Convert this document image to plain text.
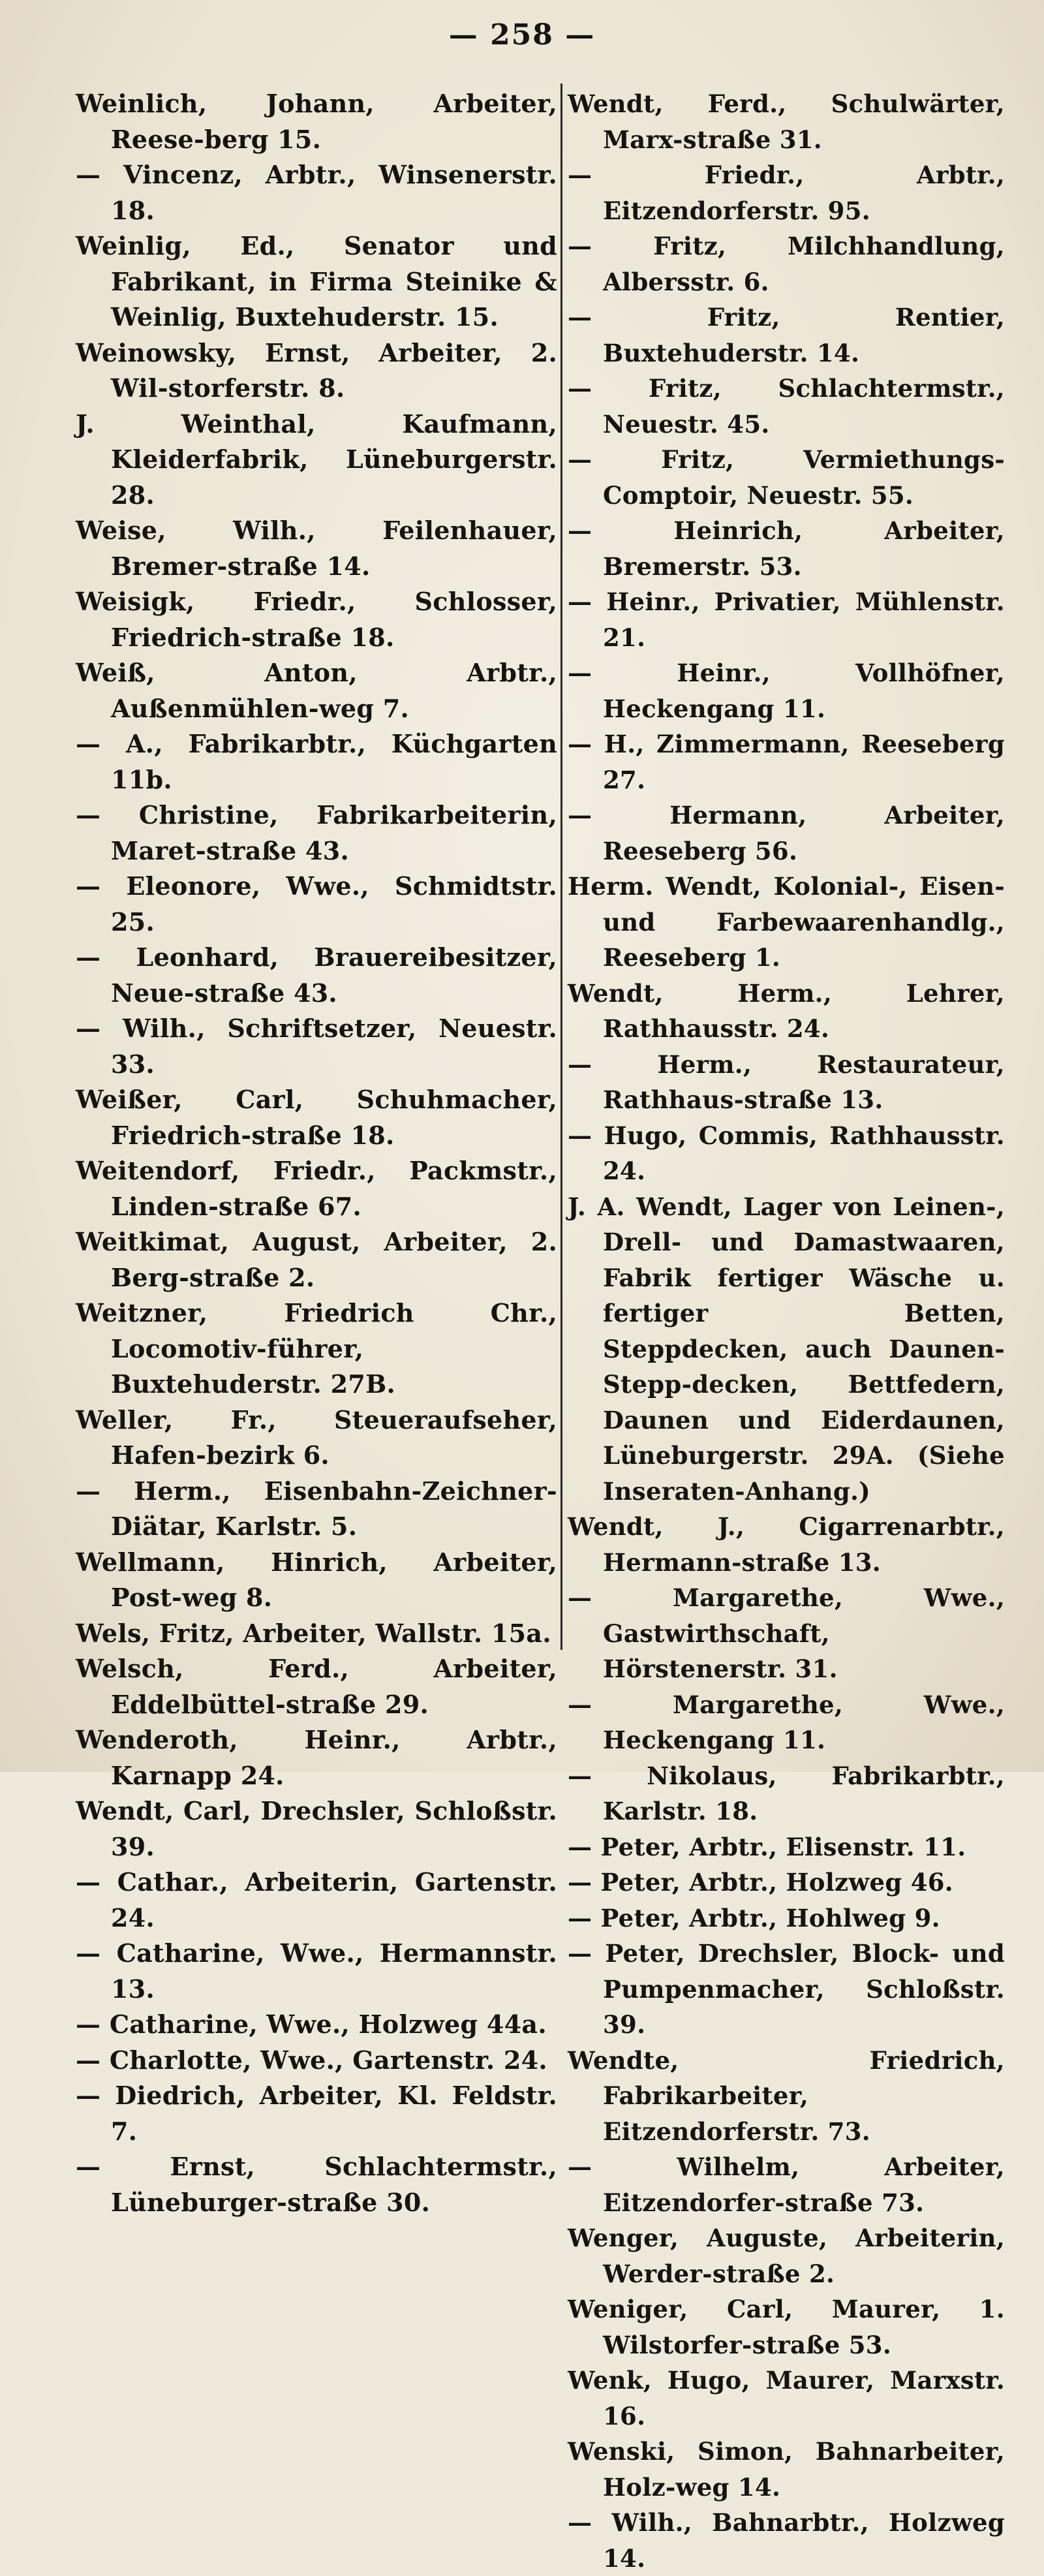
— 258 —
Weinlich, Johann, Arbeiter, Reese-berg 15.
— Vincenz, Arbtr., Winsenerstr. 18.
Weinlig, Ed., Senator und Fabrikant, in Firma Steinike & Weinlig, Buxtehuderstr. 15.
Weinowsky, Ernst, Arbeiter, 2. Wil-storferstr. 8.
J. Weinthal, Kaufmann, Kleiderfabrik, Lüneburgerstr. 28.
Weise, Wilh., Feilenhauer, Bremer-straße 14.
Weisigk, Friedr., Schlosser, Friedrich-straße 18.
Weiß, Anton, Arbtr., Außenmühlen-weg 7.
— A., Fabrikarbtr., Küchgarten 11b.
— Christine, Fabrikarbeiterin, Maret-straße 43.
— Eleonore, Wwe., Schmidtstr. 25.
— Leonhard, Brauereibesitzer, Neue-straße 43.
— Wilh., Schriftsetzer, Neuestr. 33.
Weißer, Carl, Schuhmacher, Friedrich-straße 18.
Weitendorf, Friedr., Packmstr., Linden-straße 67.
Weitkimat, August, Arbeiter, 2. Berg-straße 2.
Weitzner, Friedrich Chr., Locomotiv-führer, Buxtehuderstr. 27B.
Weller, Fr., Steueraufseher, Hafen-bezirk 6.
— Herm., Eisenbahn-Zeichner-Diätar, Karlstr. 5.
Wellmann, Hinrich, Arbeiter, Post-weg 8.
Wels, Fritz, Arbeiter, Wallstr. 15a.
Welsch, Ferd., Arbeiter, Eddelbüttel-straße 29.
Wenderoth, Heinr., Arbtr., Karnapp 24.
Wendt, Carl, Drechsler, Schloßstr. 39.
— Cathar., Arbeiterin, Gartenstr. 24.
— Catharine, Wwe., Hermannstr. 13.
— Catharine, Wwe., Holzweg 44a.
— Charlotte, Wwe., Gartenstr. 24.
— Diedrich, Arbeiter, Kl. Feldstr. 7.
— Ernst, Schlachtermstr., Lüneburger-straße 30.
Wendt, Ferd., Schulwärter, Marx-straße 31.
— Friedr., Arbtr., Eitzendorferstr. 95.
— Fritz, Milchhandlung, Albersstr. 6.
— Fritz, Rentier, Buxtehuderstr. 14.
— Fritz, Schlachtermstr., Neuestr. 45.
— Fritz, Vermiethungs-Comptoir, Neuestr. 55.
— Heinrich, Arbeiter, Bremerstr. 53.
— Heinr., Privatier, Mühlenstr. 21.
— Heinr., Vollhöfner, Heckengang 11.
— H., Zimmermann, Reeseberg 27.
— Hermann, Arbeiter, Reeseberg 56.
Herm. Wendt, Kolonial-, Eisen- und Farbewaarenhandlg., Reeseberg 1.
Wendt, Herm., Lehrer, Rathhausstr. 24.
— Herm., Restaurateur, Rathhaus-straße 13.
— Hugo, Commis, Rathhausstr. 24.
J. A. Wendt, Lager von Leinen-, Drell- und Damastwaaren, Fabrik fertiger Wäsche u. fertiger Betten, Steppdecken, auch Daunen-Stepp-decken, Bettfedern, Daunen und Eiderdaunen, Lüneburgerstr. 29A. (Siehe Inseraten-Anhang.)
Wendt, J., Cigarrenarbtr., Hermann-straße 13.
— Margarethe, Wwe., Gastwirthschaft, Hörstenerstr. 31.
— Margarethe, Wwe., Heckengang 11.
— Nikolaus, Fabrikarbtr., Karlstr. 18.
— Peter, Arbtr., Elisenstr. 11.
— Peter, Arbtr., Holzweg 46.
— Peter, Arbtr., Hohlweg 9.
— Peter, Drechsler, Block- und Pumpenmacher, Schloßstr. 39.
Wendte, Friedrich, Fabrikarbeiter, Eitzendorferstr. 73.
— Wilhelm, Arbeiter, Eitzendorfer-straße 73.
Wenger, Auguste, Arbeiterin, Werder-straße 2.
Weniger, Carl, Maurer, 1. Wilstorfer-straße 53.
Wenk, Hugo, Maurer, Marxstr. 16.
Wenski, Simon, Bahnarbeiter, Holz-weg 14.
— Wilh., Bahnarbtr., Holzweg 14.
